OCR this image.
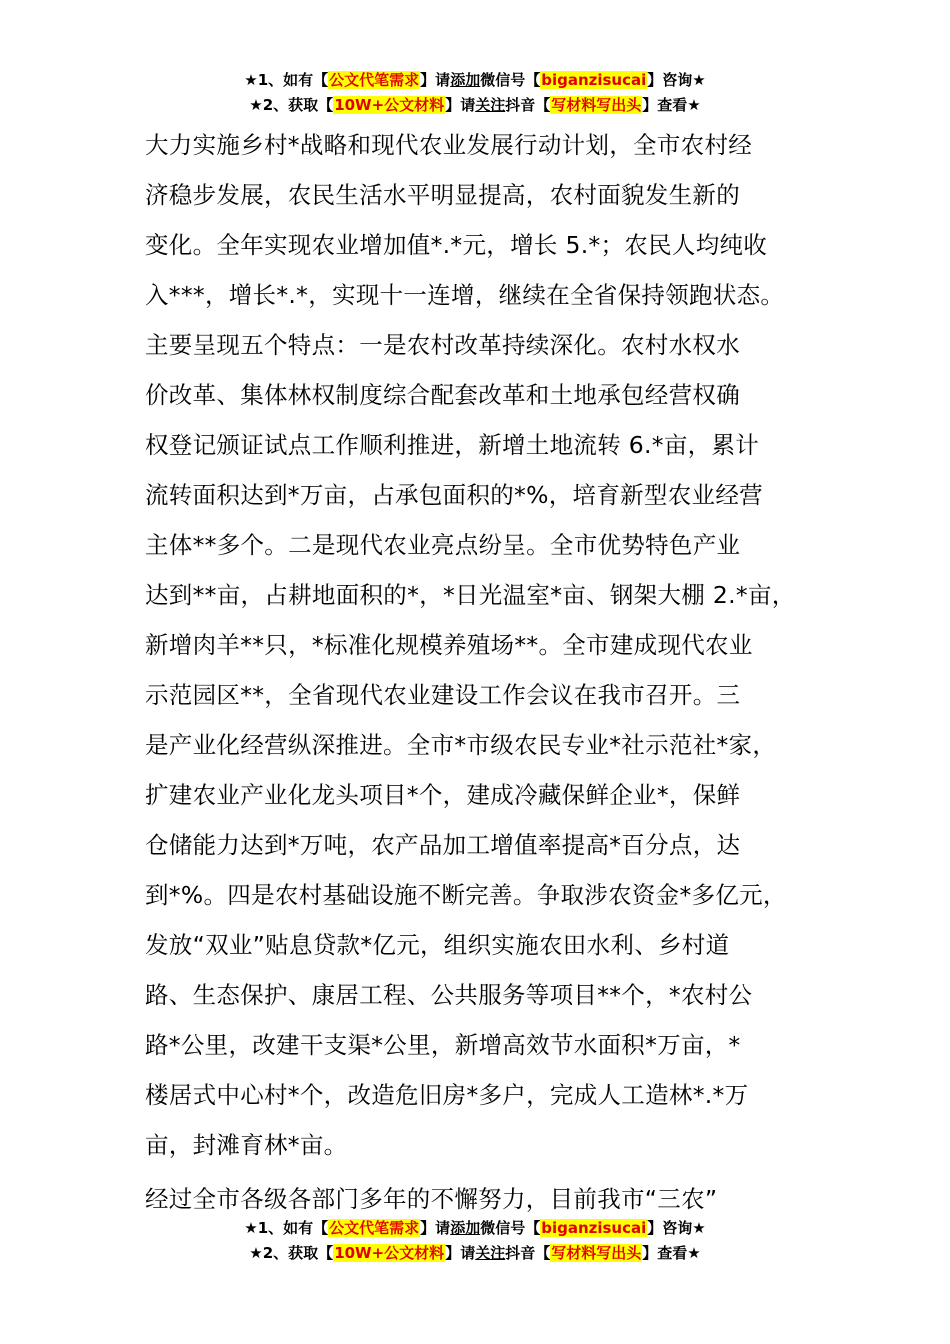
★1、如有【公文代笔需求】请添加微信号【biganzisucai】咨询★
★2、获取【10W+公文材料】请关注抖音【写材料写出头】查看★
大力实施乡村*战略和现代农业发展行动计划，全市农村经
济稳步发展，农民生活水平明显提高，农村面貌发生新的
变化。全年实现农业增加值*.*元，增长 5.*；农民人均纯收
入***，增长*.*，实现十一连增，继续在全省保持领跑状态。
主要呈现五个特点：一是农村改革持续深化。农村水权水
价改革、集体林权制度综合配套改革和土地承包经营权确
权登记颁证试点工作顺利推进，新增土地流转 6.*亩，累计
流转面积达到*万亩，占承包面积的*%，培育新型农业经营
主体**多个。二是现代农业亮点纷呈。全市优势特色产业
达到**亩，占耕地面积的*，*日光温室*亩、钢架大棚 2.*亩，
新增肉羊**只，*标准化规模养殖场**。全市建成现代农业
示范园区**，全省现代农业建设工作会议在我市召开。三
是产业化经营纵深推进。全市*市级农民专业*社示范社*家，
扩建农业产业化龙头项目*个，建成冷藏保鲜企业*，保鲜
仓储能力达到*万吨，农产品加工增值率提高*百分点，达
到*%。四是农村基础设施不断完善。争取涉农资金*多亿元，
发放“双业”贴息贷款*亿元，组织实施农田水利、乡村道
路、生态保护、康居工程、公共服务等项目**个，*农村公
路*公里，改建干支渠*公里，新增高效节水面积*万亩，*
楼居式中心村*个，改造危旧房*多户，完成人工造林*.*万
亩，封滩育林*亩。
经过全市各级各部门多年的不懈努力，目前我市“三农”
★1、如有【公文代笔需求】请添加微信号【biganzisucai】咨询★
★2、获取【10W+公文材料】请关注抖音【写材料写出头】查看★
